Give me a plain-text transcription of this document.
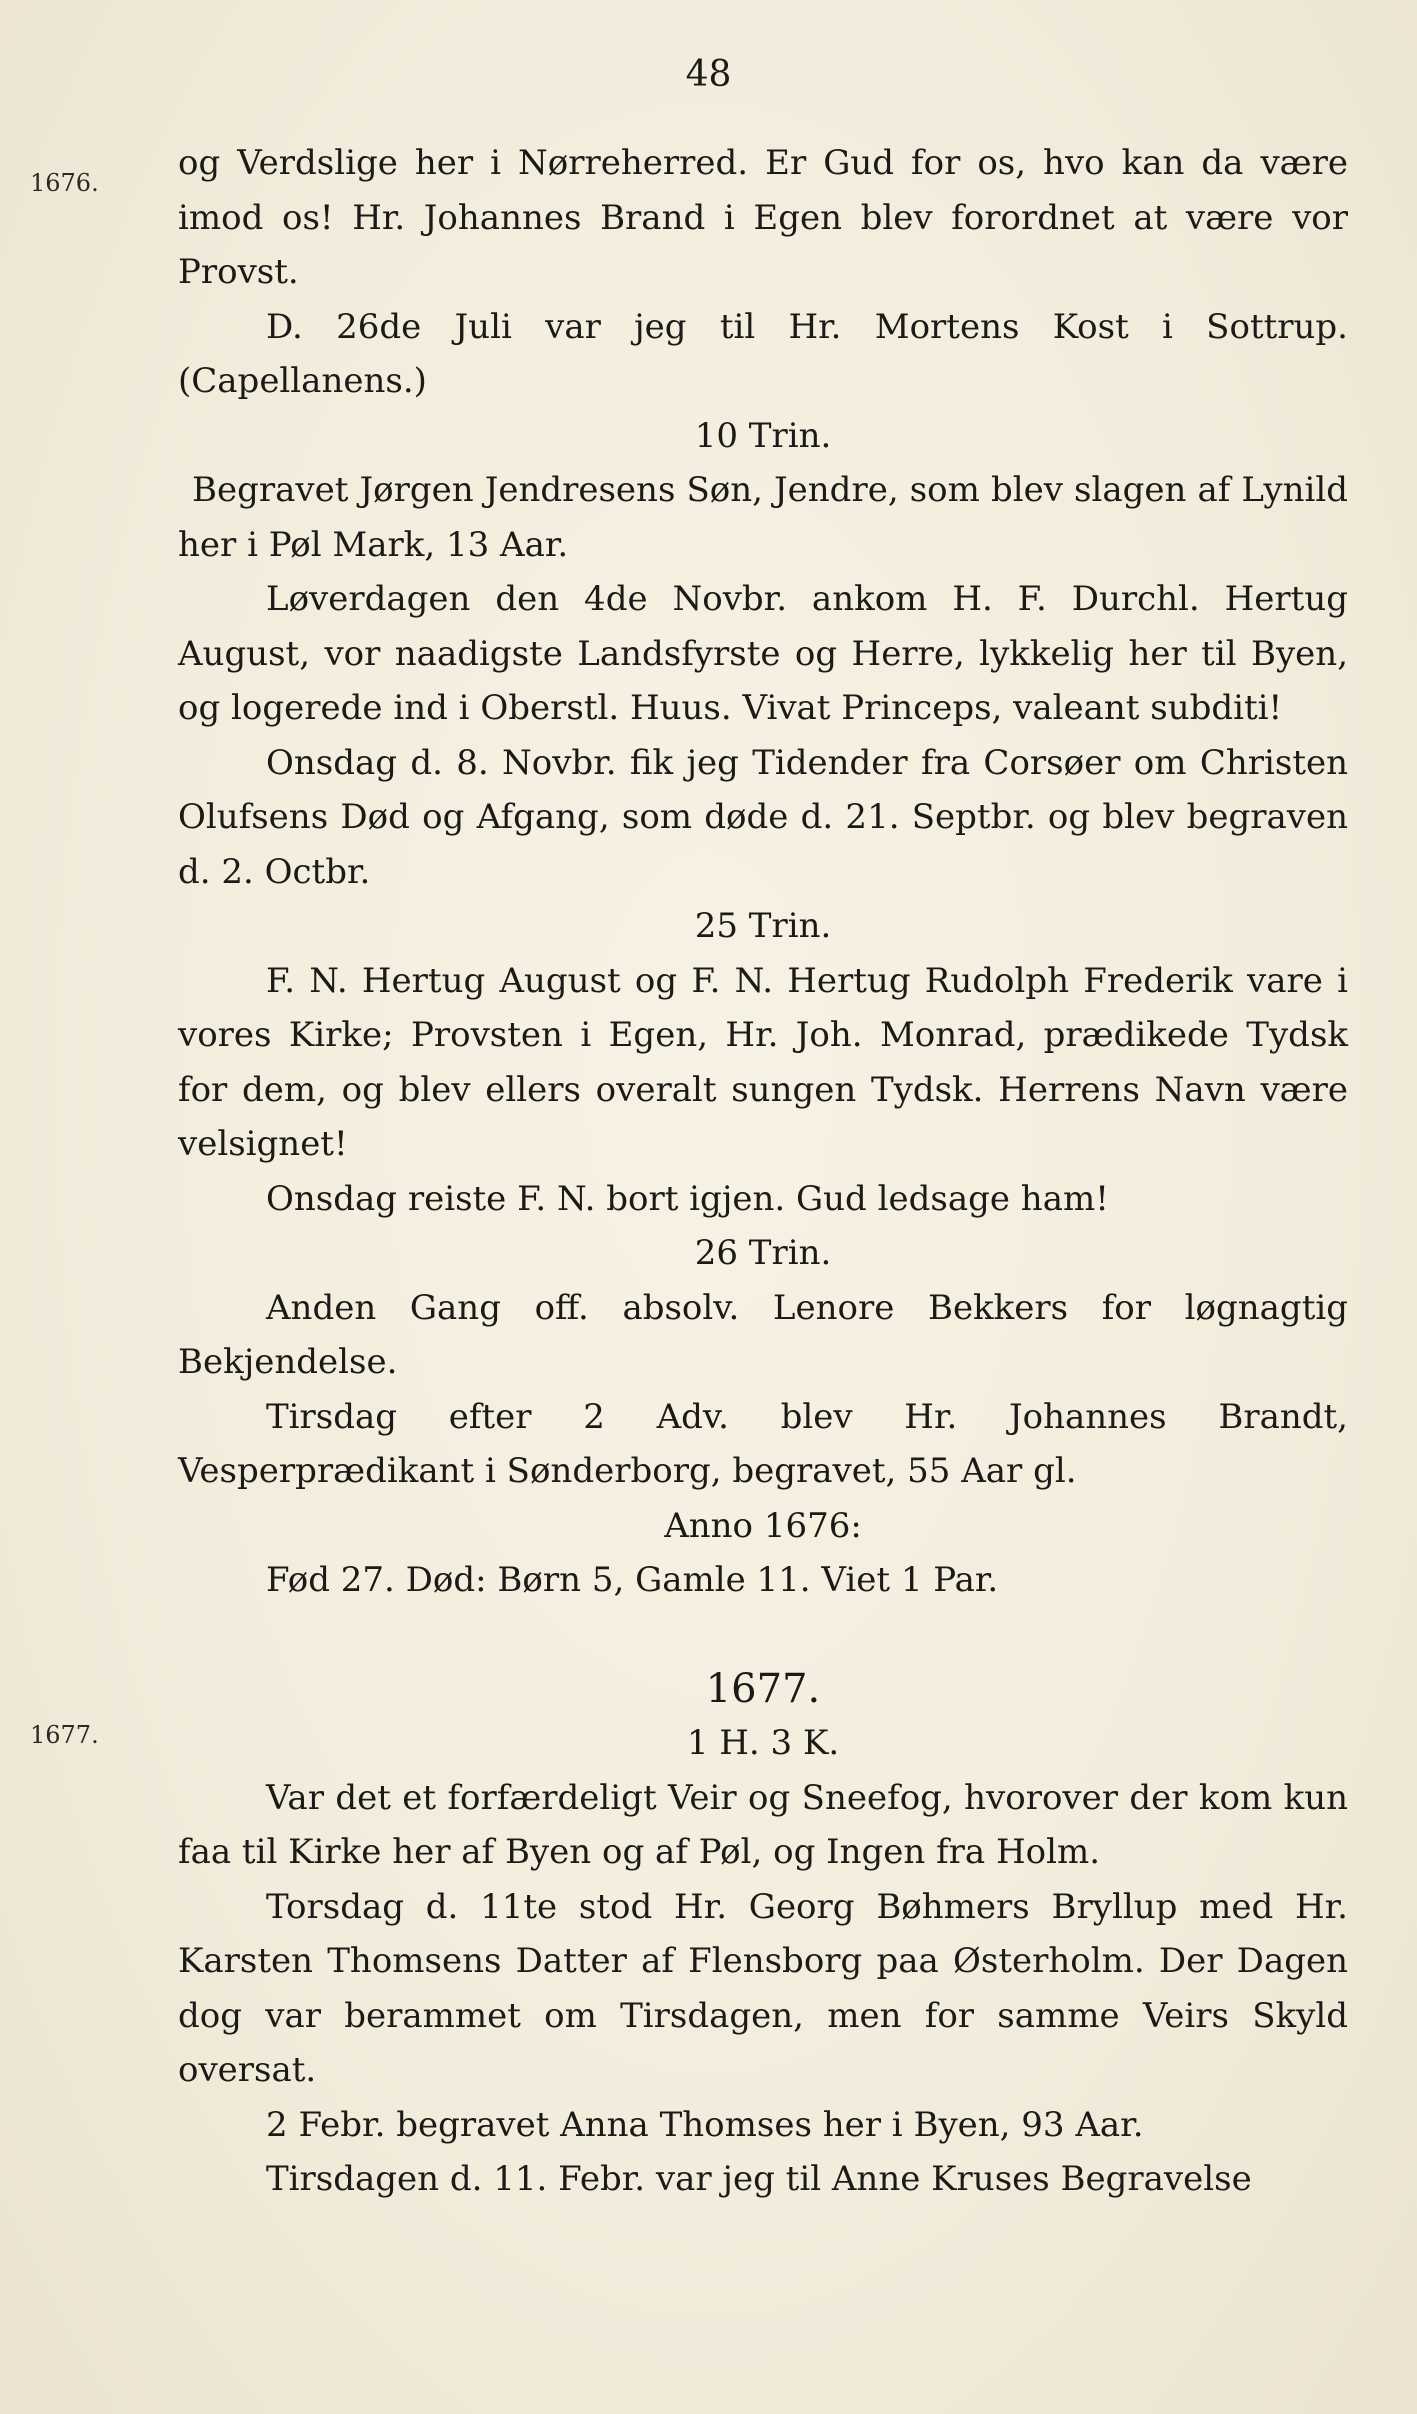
48
1676.
1677.

og Verdslige her i Nørreherred. Er Gud for os, hvo kan da være imod os! Hr. Johannes Brand i Egen blev forordnet at være vor Provst.

D. 26de Juli var jeg til Hr. Mortens Kost i Sottrup. (Capellanens.)

10 Trin.

Begravet Jørgen Jendresens Søn, Jendre, som blev slagen af Lynild her i Pøl Mark, 13 Aar.

Løverdagen den 4de Novbr. ankom H. F. Durchl. Hertug August, vor naadigste Landsfyrste og Herre, lykkelig her til Byen, og logerede ind i Oberstl. Huus. Vivat Princeps, valeant subditi!

Onsdag d. 8. Novbr. fik jeg Tidender fra Corsøer om Christen Olufsens Død og Afgang, som døde d. 21. Septbr. og blev begraven d. 2. Octbr.

25 Trin.

F. N. Hertug August og F. N. Hertug Rudolph Frederik vare i vores Kirke; Provsten i Egen, Hr. Joh. Monrad, prædikede Tydsk for dem, og blev ellers overalt sungen Tydsk. Herrens Navn være velsignet!

Onsdag reiste F. N. bort igjen. Gud ledsage ham!

26 Trin.

Anden Gang off. absolv. Lenore Bekkers for løgnagtig Bekjendelse.

Tirsdag efter 2 Adv. blev Hr. Johannes Brandt, Vesperprædikant i Sønderborg, begravet, 55 Aar gl.

Anno 1676:

Fød 27. Død: Børn 5, Gamle 11. Viet 1 Par.

1677.

1 H. 3 K.

Var det et forfærdeligt Veir og Sneefog, hvorover der kom kun faa til Kirke her af Byen og af Pøl, og Ingen fra Holm.

Torsdag d. 11te stod Hr. Georg Bøhmers Bryllup med Hr. Karsten Thomsens Datter af Flensborg paa Østerholm. Der Dagen dog var berammet om Tirsdagen, men for samme Veirs Skyld oversat.

2 Febr. begravet Anna Thomses her i Byen, 93 Aar.

Tirsdagen d. 11. Febr. var jeg til Anne Kruses Begravelse
